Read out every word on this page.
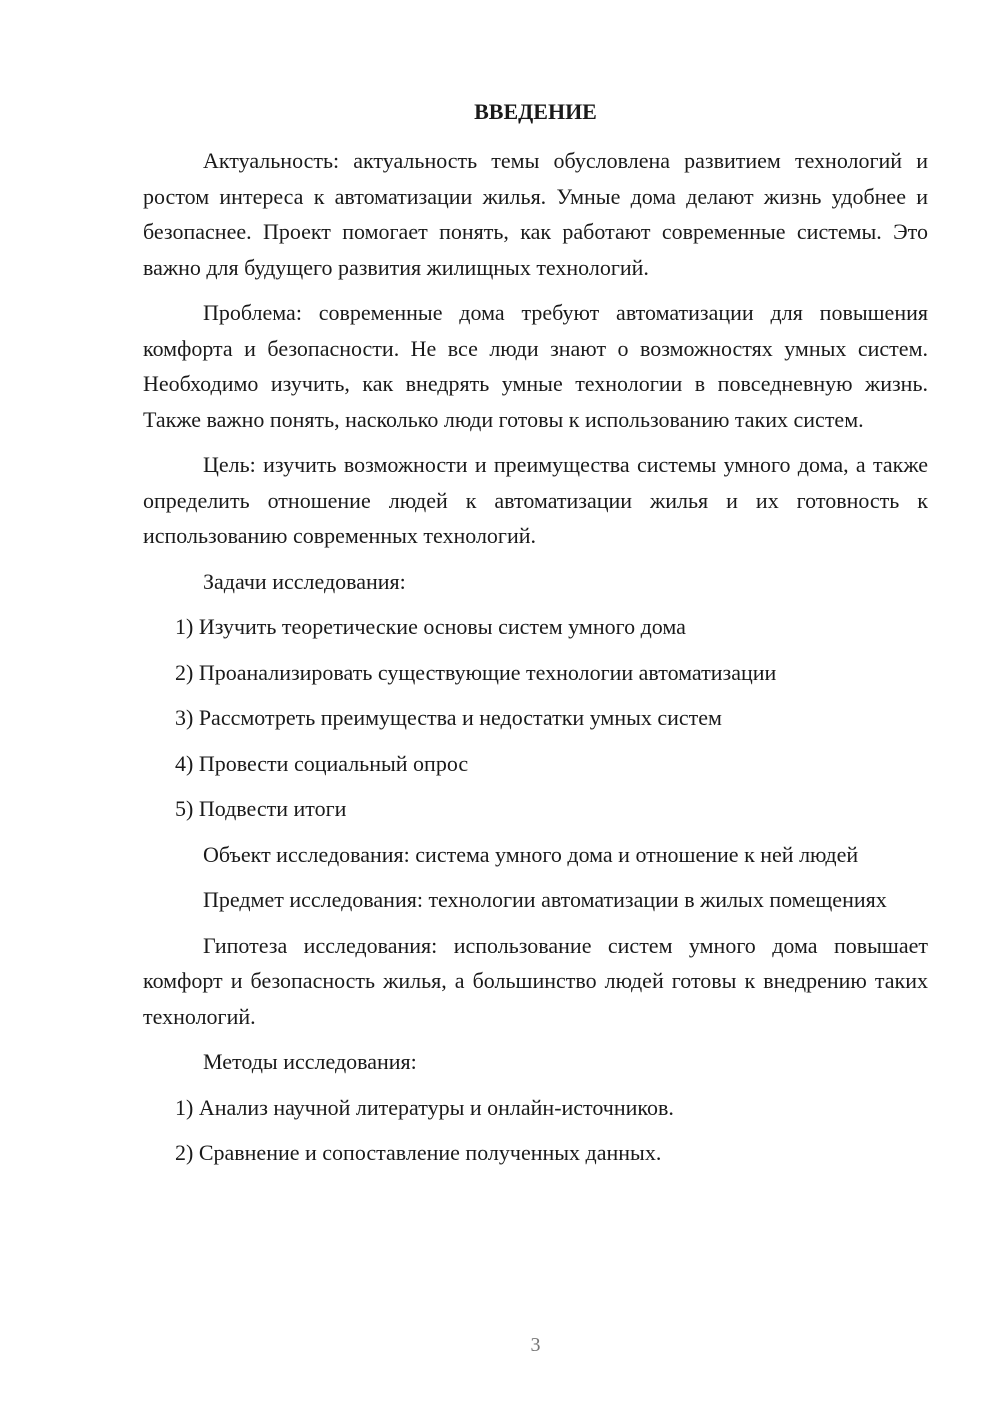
ВВЕДЕНИЕ

Актуальность: актуальность темы обусловлена развитием технологий и ростом интереса к автоматизации жилья. Умные дома делают жизнь удобнее и безопаснее. Проект помогает понять, как работают современные системы. Это важно для будущего развития жилищных технологий.

Проблема: современные дома требуют автоматизации для повышения комфорта и безопасности. Не все люди знают о возможностях умных систем. Необходимо изучить, как внедрять умные технологии в повседневную жизнь. Также важно понять, насколько люди готовы к использованию таких систем.

Цель: изучить возможности и преимущества системы умного дома, а также определить отношение людей к автоматизации жилья и их готовность к использованию современных технологий.

Задачи исследования:

1) Изучить теоретические основы систем умного дома
2) Проанализировать существующие технологии автоматизации
3) Рассмотреть преимущества и недостатки умных систем
4) Провести социальный опрос
5) Подвести итоги

Объект исследования: система умного дома и отношение к ней людей

Предмет исследования: технологии автоматизации в жилых помещениях

Гипотеза исследования: использование систем умного дома повышает комфорт и безопасность жилья, а большинство людей готовы к внедрению таких технологий.

Методы исследования:

1) Анализ научной литературы и онлайн-источников.
2) Сравнение и сопоставление полученных данных.
3
